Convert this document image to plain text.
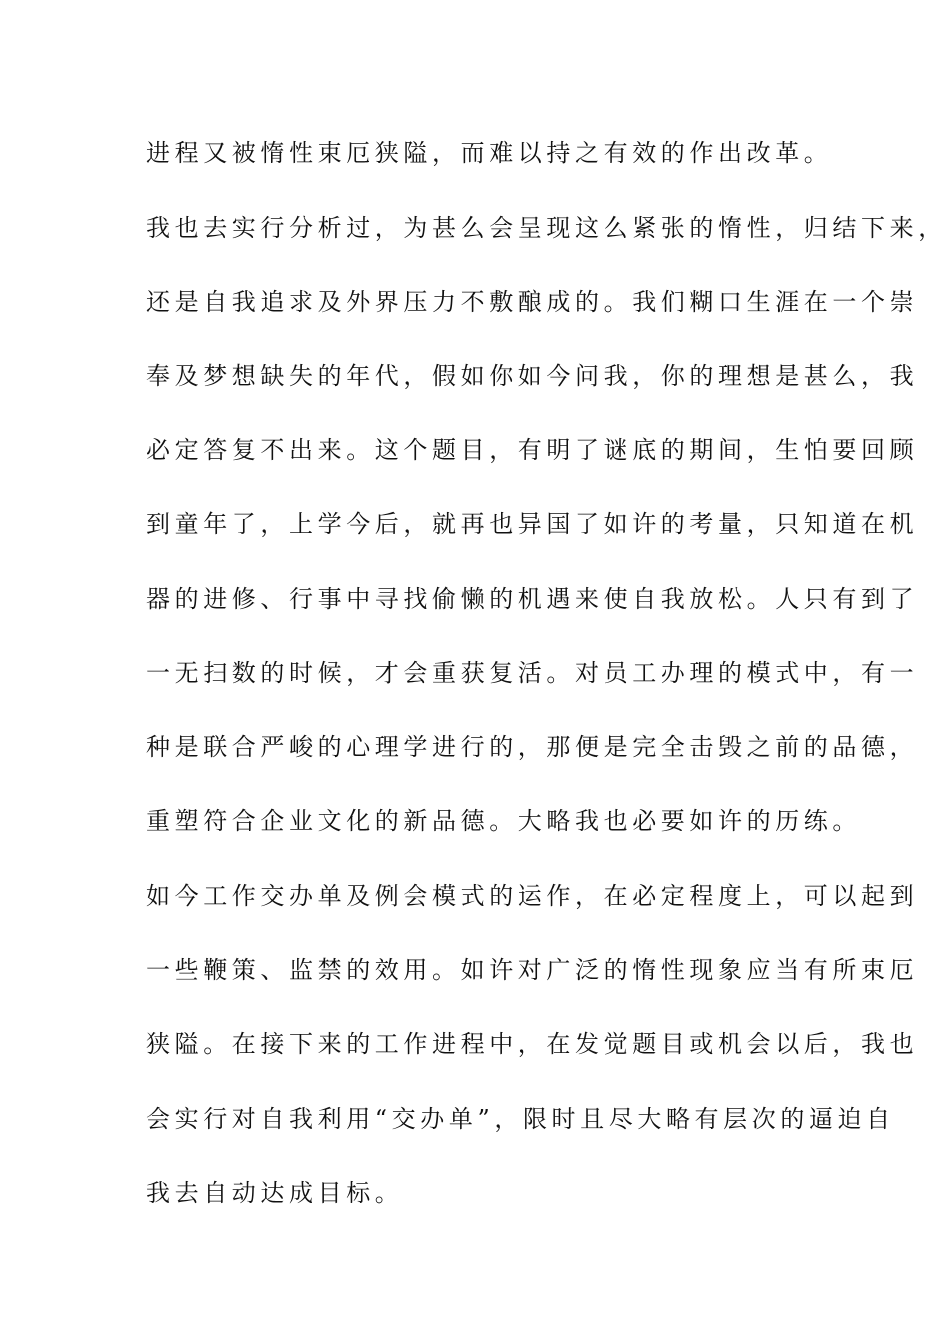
进程又被惰性束厄狭隘，而难以持之有效的作出改革。
我也去实行分析过，为甚么会呈现这么紧张的惰性，归结下来，
还是自我追求及外界压力不敷酿成的。我们糊口生涯在一个崇
奉及梦想缺失的年代，假如你如今问我，你的理想是甚么，我
必定答复不出来。这个题目，有明了谜底的期间，生怕要回顾
到童年了，上学今后，就再也异国了如许的考量，只知道在机
器的进修、行事中寻找偷懒的机遇来使自我放松。人只有到了
一无扫数的时候，才会重获复活。对员工办理的模式中，有一
种是联合严峻的心理学进行的，那便是完全击毁之前的品德，
重塑符合企业文化的新品德。大略我也必要如许的历练。
如今工作交办单及例会模式的运作，在必定程度上，可以起到
一些鞭策、监禁的效用。如许对广泛的惰性现象应当有所束厄
狭隘。在接下来的工作进程中，在发觉题目或机会以后，我也
会实行对自我利用“交办单”，限时且尽大略有层次的逼迫自
我去自动达成目标。
